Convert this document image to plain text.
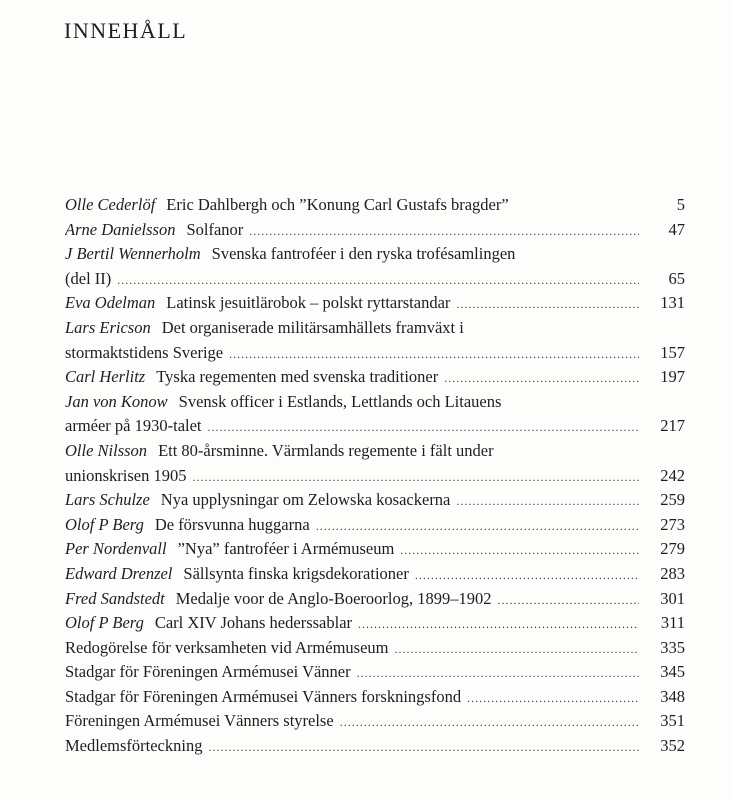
INNEHÅLL
Olle Cederlöf Eric Dahlbergh och ”Konung Carl Gustafs bragder”	5
Arne Danielsson Solfanor .....	47
J Bertil Wennerholm Svenska fantroféer i den ryska trofésamlingen
(del II) .....	65
Eva Odelman Latinsk jesuitlärobok – polskt ryttarstandar .....	131
Lars Ericson Det organiserade militärsamhällets framväxt i
stormaktstidens Sverige .....	157
Carl Herlitz Tyska regementen med svenska traditioner .....	197
Jan von Konow Svensk officer i Estlands, Lettlands och Litauens
arméer på 1930-talet .....	217
Olle Nilsson Ett 80-årsminne. Värmlands regemente i fält under
unionskrisen 1905 .....	242
Lars Schulze Nya upplysningar om Zelowska kosackerna .....	259
Olof P Berg De försvunna huggarna .....	273
Per Nordenvall ”Nya” fantroféer i Armémuseum .....	279
Edward Drenzel Sällsynta finska krigsdekorationer .....	283
Fred Sandstedt Medalje voor de Anglo-Boeroorlog, 1899–1902 .....	301
Olof P Berg Carl XIV Johans hederssablar .....	311
Redogörelse för verksamheten vid Armémuseum .....	335
Stadgar för Föreningen Armémusei Vänner .....	345
Stadgar för Föreningen Armémusei Vänners forskningsfond .....	348
Föreningen Armémusei Vänners styrelse .....	351
Medlemsförteckning .....	352
